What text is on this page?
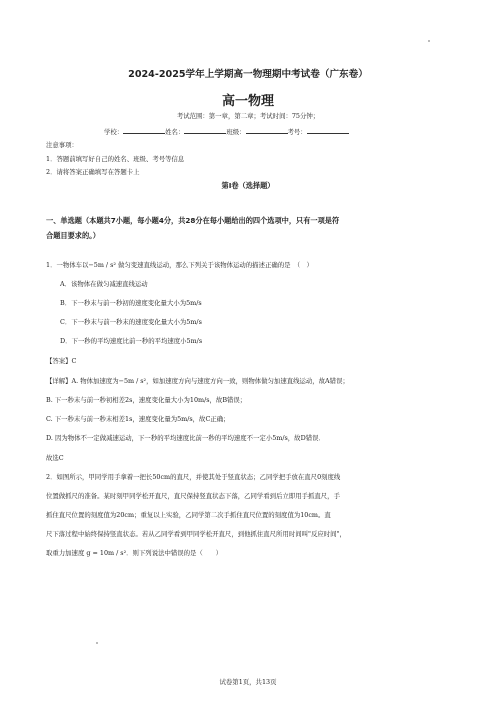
2024-2025学年上学期高一物理期中考试卷（广东卷）
高一物理
考试范围：第一章，第二章；考试时间：75分钟；
学校：	姓名：	班级：	考号：
注意事项：
1．答题前填写好自己的姓名、班级、考号等信息
2．请将答案正确填写在答题卡上
第I卷（选择题）
一、单选题（本题共7小题，每小题4分，共28分在每小题给出的四个选项中，只有一项是符
合题目要求的。）
1．一物体车以−5m / s² 做匀变速直线运动，那么下列关于该物体运动的描述正确的是　（　）
A．该物体在做匀减速直线运动
B．下一秒末与前一秒初的速度变化量大小为5m/s
C．下一秒末与前一秒末的速度变化量大小为5m/s
D．下一秒的平均速度比前一秒的平均速度小5m/s
【答案】C
【详解】A. 物体加速度为−5m / s²，如加速度方向与速度方向一致，则物体做匀加速直线运动，故A错误；
B. 下一秒末与前一秒初相差2s，速度变化量大小为10m/s，故B错误；
C. 下一秒末与前一秒末相差1s，速度变化量为5m/s，故C正确；
D. 因为物体不一定做减速运动，下一秒的平均速度比前一秒的平均速度不一定小5m/s，故D错误．
故选C
2．如图所示，甲同学用手拿着一把长50cm的直尺，并使其处于竖直状态；乙同学把手放在直尺0刻度线
位置做抓尺的准备。某时刻甲同学松开直尺，直尺保持竖直状态下落，乙同学看到后立即用手抓直尺，手
抓住直尺位置的刻度值为20cm；重复以上实验，乙同学第二次手抓住直尺位置的刻度值为10cm。直
尺下落过程中始终保持竖直状态。若从乙同学看到甲同学松开直尺，到他抓住直尺所用时间叫"反应时间"，
取重力加速度 g = 10m / s²．则下列说法中错误的是（　　）
试卷第1页，共13页
